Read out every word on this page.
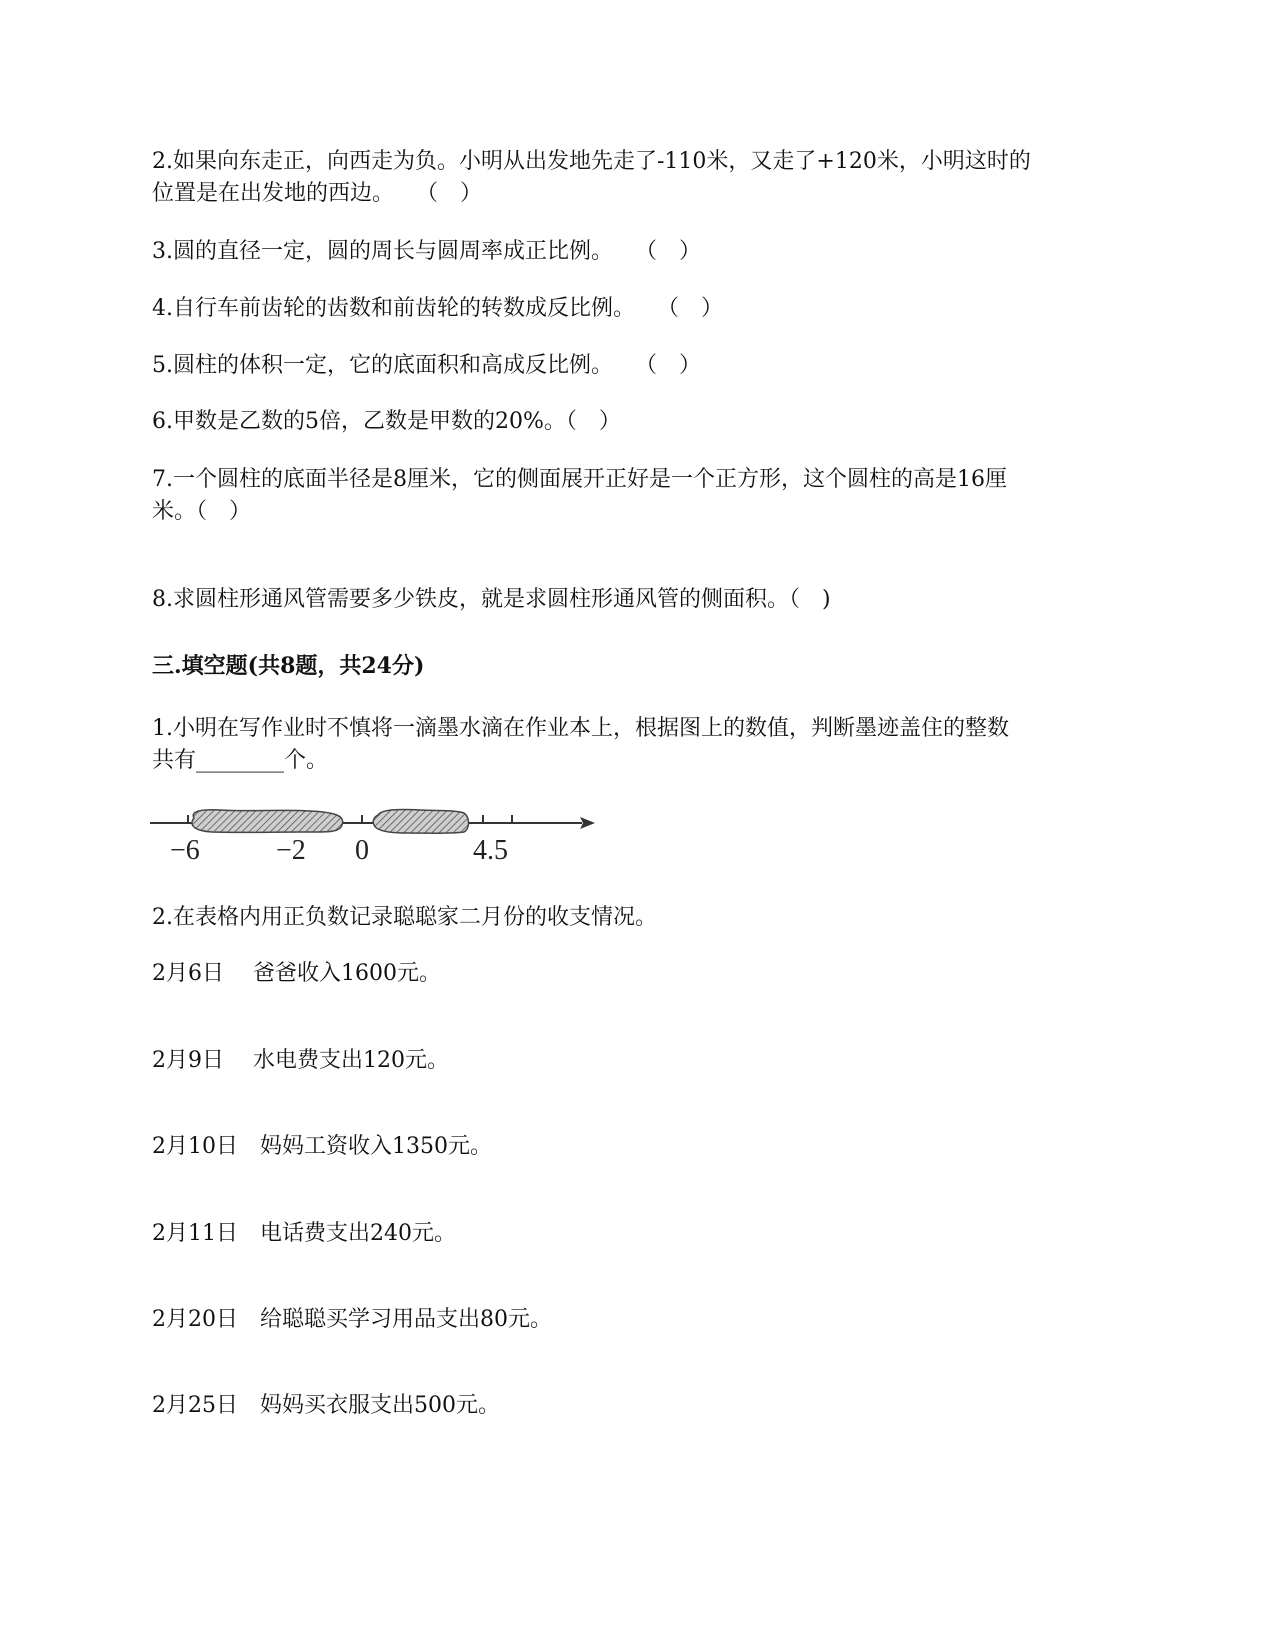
2.如果向东走正，向西走为负。小明从出发地先走了-110米，又走了+120米，小明这时的

位置是在出发地的西边。　　（　）

3.圆的直径一定，圆的周长与圆周率成正比例。　　（　）

4.自行车前齿轮的齿数和前齿轮的转数成反比例。　　（　）

5.圆柱的体积一定，它的底面积和高成反比例。　　（　）

6.甲数是乙数的5倍，乙数是甲数的20%。（　）

7.一个圆柱的底面半径是8厘米，它的侧面展开正好是一个正方形，这个圆柱的高是16厘

米。（　）

8.求圆柱形通风管需要多少铁皮，就是求圆柱形通风管的侧面积。（　)

三.填空题(共8题，共24分)

1.小明在写作业时不慎将一滴墨水滴在作业本上，根据图上的数值，判断墨迹盖住的整数

共有________个。

−6	−2 0	4.5

2.在表格内用正负数记录聪聪家二月份的收支情况。

2月6日　 爸爸收入1600元。

2月9日　 水电费支出120元。

2月10日　妈妈工资收入1350元。

2月11日　电话费支出240元。

2月20日　给聪聪买学习用品支出80元。

2月25日　妈妈买衣服支出500元。
